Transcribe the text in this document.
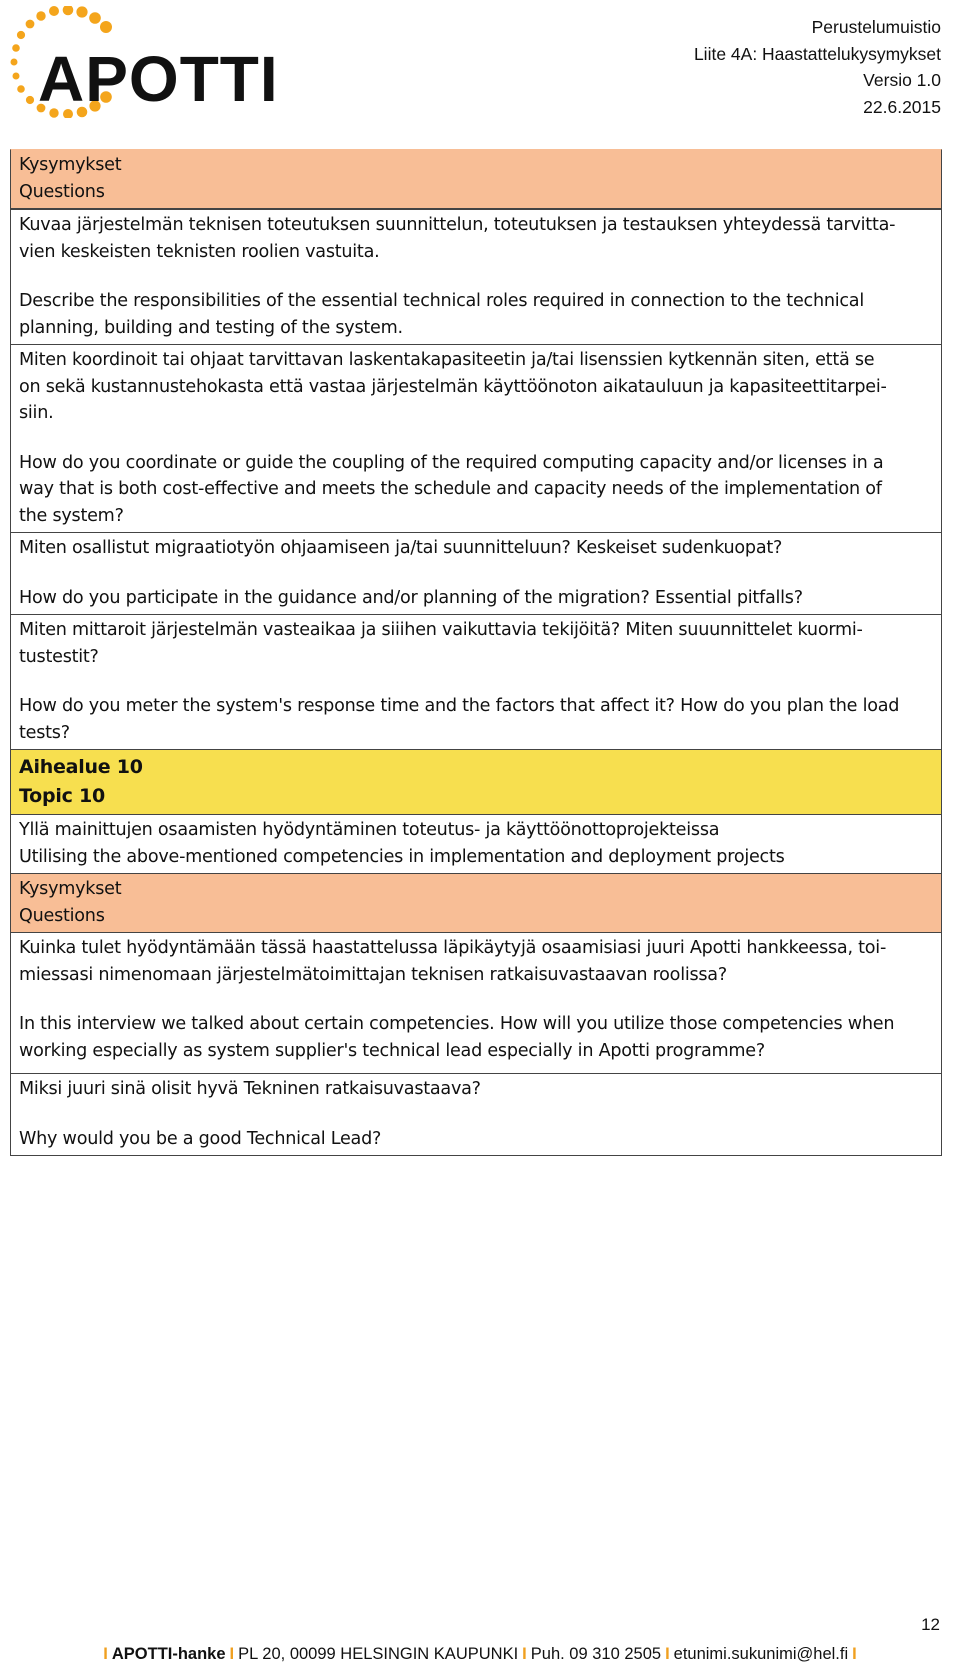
APOTTI
Perustelumuistio
Liite 4A: Haastattelukysymykset
Versio 1.0
22.6.2015
Kysymykset
Questions
Kuvaa järjestelmän teknisen toteutuksen suunnittelun, toteutuksen ja testauksen yhteydessä tarvitta-
vien keskeisten teknisten roolien vastuita.
Describe the responsibilities of the essential technical roles required in connection to the technical
planning, building and testing of the system.
Miten koordinoit tai ohjaat tarvittavan laskentakapasiteetin ja/tai lisenssien kytkennän siten, että se
on sekä kustannustehokasta että vastaa järjestelmän käyttöönoton aikatauluun ja kapasiteettitarpei-
siin.
How do you coordinate or guide the coupling of the required computing capacity and/or licenses in a
way that is both cost-effective and meets the schedule and capacity needs of the implementation of
the system?
Miten osallistut migraatiotyön ohjaamiseen ja/tai suunnitteluun? Keskeiset sudenkuopat?
How do you participate in the guidance and/or planning of the migration? Essential pitfalls?
Miten mittaroit järjestelmän vasteaikaa ja siiihen vaikuttavia tekijöitä? Miten suuunnittelet kuormi-
tustestit?
How do you meter the system's response time and the factors that affect it? How do you plan the load
tests?
Aihealue 10
Topic 10
Yllä mainittujen osaamisten hyödyntäminen toteutus- ja käyttöönottoprojekteissa
Utilising the above-mentioned competencies in implementation and deployment projects
Kysymykset
Questions
Kuinka tulet hyödyntämään tässä haastattelussa läpikäytyjä osaamisiasi juuri Apotti hankkeessa, toi-
miessasi nimenomaan järjestelmätoimittajan teknisen ratkaisuvastaavan roolissa?
In this interview we talked about certain competencies. How will you utilize those competencies when
working especially as system supplier's technical lead especially in Apotti programme?
Miksi juuri sinä olisit hyvä Tekninen ratkaisuvastaava?
Why would you be a good Technical Lead?
12
I APOTTI-hanke I PL 20, 00099 HELSINGIN KAUPUNKI I Puh. 09 310 2505 I etunimi.sukunimi@hel.fi I
